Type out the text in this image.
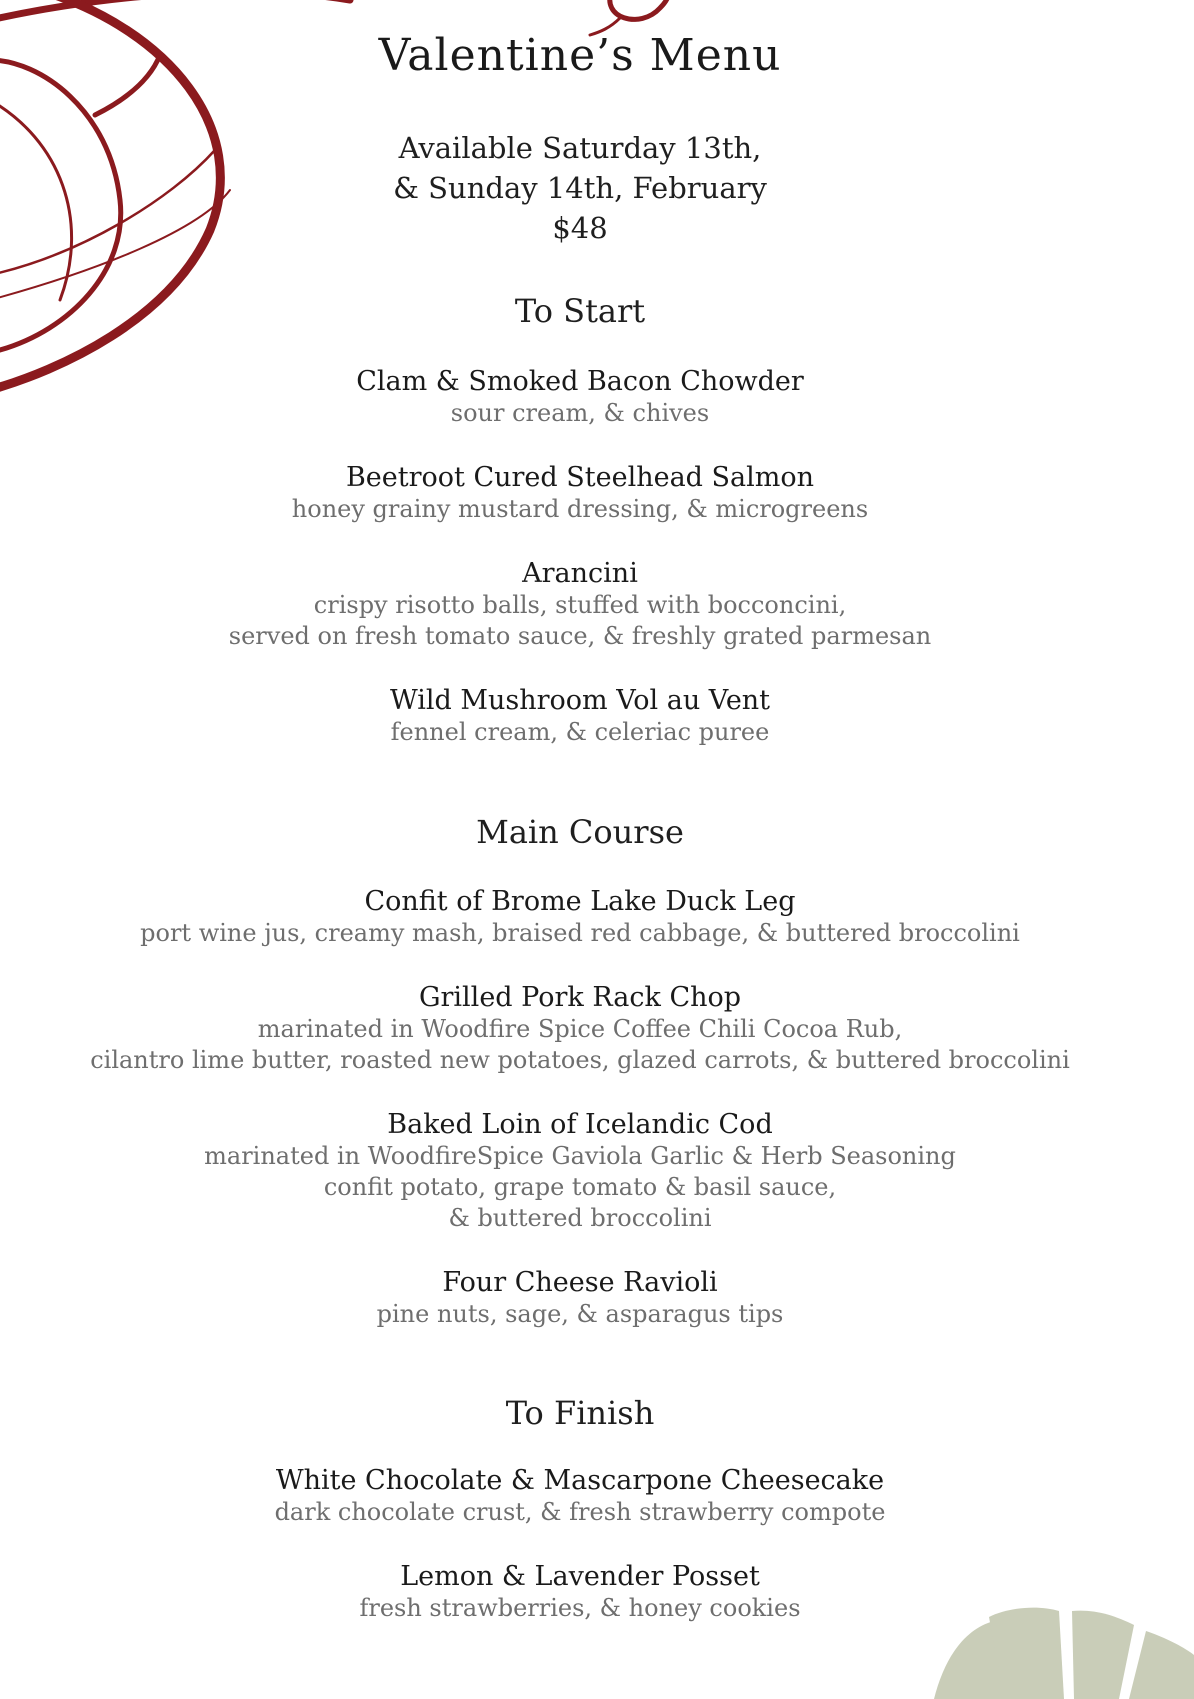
Valentine’s Menu
Available Saturday 13th,
& Sunday 14th, February
$48
To Start
Clam & Smoked Bacon Chowder
sour cream, & chives
Beetroot Cured Steelhead Salmon
honey grainy mustard dressing, & microgreens
Arancini
crispy risotto balls, stuffed with bocconcini,
served on fresh tomato sauce, & freshly grated parmesan
Wild Mushroom Vol au Vent
fennel cream, & celeriac puree
Main Course
Confit of Brome Lake Duck Leg
port wine jus, creamy mash, braised red cabbage, & buttered broccolini
Grilled Pork Rack Chop
marinated in Woodfire Spice Coffee Chili Cocoa Rub,
cilantro lime butter, roasted new potatoes, glazed carrots, & buttered broccolini
Baked Loin of Icelandic Cod
marinated in WoodfireSpice Gaviola Garlic & Herb Seasoning
confit potato, grape tomato & basil sauce,
& buttered broccolini
Four Cheese Ravioli
pine nuts, sage, & asparagus tips
To Finish
White Chocolate & Mascarpone Cheesecake
dark chocolate crust, & fresh strawberry compote
Lemon & Lavender Posset
fresh strawberries, & honey cookies
